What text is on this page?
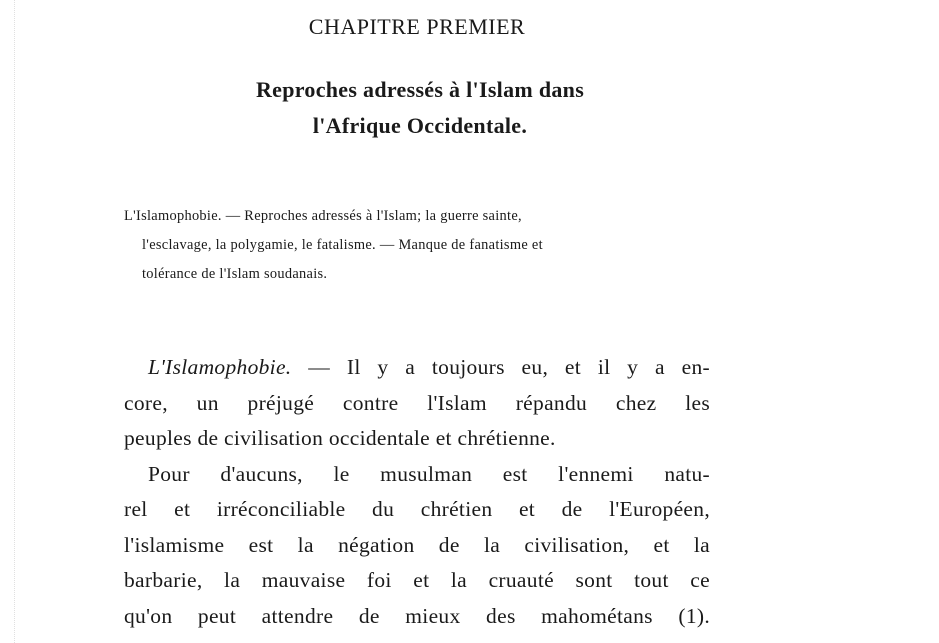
CHAPITRE PREMIER
Reproches adressés à l'Islam dans
l'Afrique Occidentale.
L'Islamophobie. — Reproches adressés à l'Islam; la guerre sainte,
l'esclavage, la polygamie, le fatalisme. — Manque de fanatisme et
tolérance de l'Islam soudanais.
L'Islamophobie. — Il y a toujours eu, et il y a en-
core, un préjugé contre l'Islam répandu chez les
peuples de civilisation occidentale et chrétienne.
Pour d'aucuns, le musulman est l'ennemi natu-
rel et irréconciliable du chrétien et de l'Européen,
l'islamisme est la négation de la civilisation, et la
barbarie, la mauvaise foi et la cruauté sont tout ce
qu'on peut attendre de mieux des mahométans (1).
